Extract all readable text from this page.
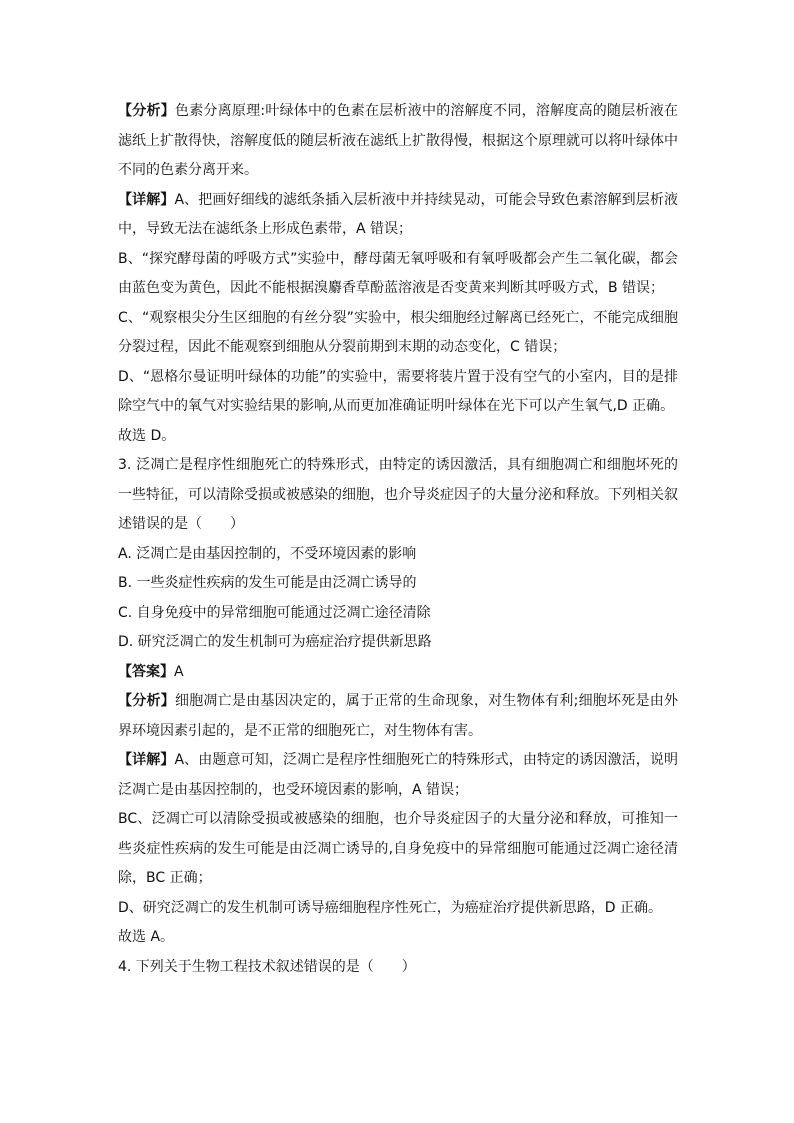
【分析】色素分离原理:叶绿体中的色素在层析液中的溶解度不同，溶解度高的随层析液在滤纸上扩散得快，溶解度低的随层析液在滤纸上扩散得慢，根据这个原理就可以将叶绿体中不同的色素分离开来。

【详解】A、把画好细线的滤纸条插入层析液中并持续晃动，可能会导致色素溶解到层析液中，导致无法在滤纸条上形成色素带，A 错误；

B、“探究酵母菌的呼吸方式”实验中，酵母菌无氧呼吸和有氧呼吸都会产生二氧化碳，都会由蓝色变为黄色，因此不能根据溴麝香草酚蓝溶液是否变黄来判断其呼吸方式，B 错误；

C、“观察根尖分生区细胞的有丝分裂”实验中，根尖细胞经过解离已经死亡，不能完成细胞分裂过程，因此不能观察到细胞从分裂前期到末期的动态变化，C 错误；

D、“恩格尔曼证明叶绿体的功能”的实验中，需要将装片置于没有空气的小室内，目的是排除空气中的氧气对实验结果的影响,从而更加准确证明叶绿体在光下可以产生氧气,D 正确。

故选 D。

3. 泛凋亡是程序性细胞死亡的特殊形式，由特定的诱因激活，具有细胞凋亡和细胞坏死的一些特征，可以清除受损或被感染的细胞，也介导炎症因子的大量分泌和释放。下列相关叙述错误的是（　　）

A. 泛凋亡是由基因控制的，不受环境因素的影响

B. 一些炎症性疾病的发生可能是由泛凋亡诱导的

C. 自身免疫中的异常细胞可能通过泛凋亡途径清除

D. 研究泛凋亡的发生机制可为癌症治疗提供新思路

【答案】A

【分析】细胞凋亡是由基因决定的，属于正常的生命现象，对生物体有利;细胞坏死是由外界环境因素引起的，是不正常的细胞死亡，对生物体有害。

【详解】A、由题意可知，泛凋亡是程序性细胞死亡的特殊形式，由特定的诱因激活，说明泛凋亡是由基因控制的，也受环境因素的影响，A 错误；

BC、泛凋亡可以清除受损或被感染的细胞，也介导炎症因子的大量分泌和释放，可推知一些炎症性疾病的发生可能是由泛凋亡诱导的,自身免疫中的异常细胞可能通过泛凋亡途径清除，BC 正确；

D、研究泛凋亡的发生机制可诱导癌细胞程序性死亡，为癌症治疗提供新思路，D 正确。

故选 A。

4. 下列关于生物工程技术叙述错误的是（　　）
